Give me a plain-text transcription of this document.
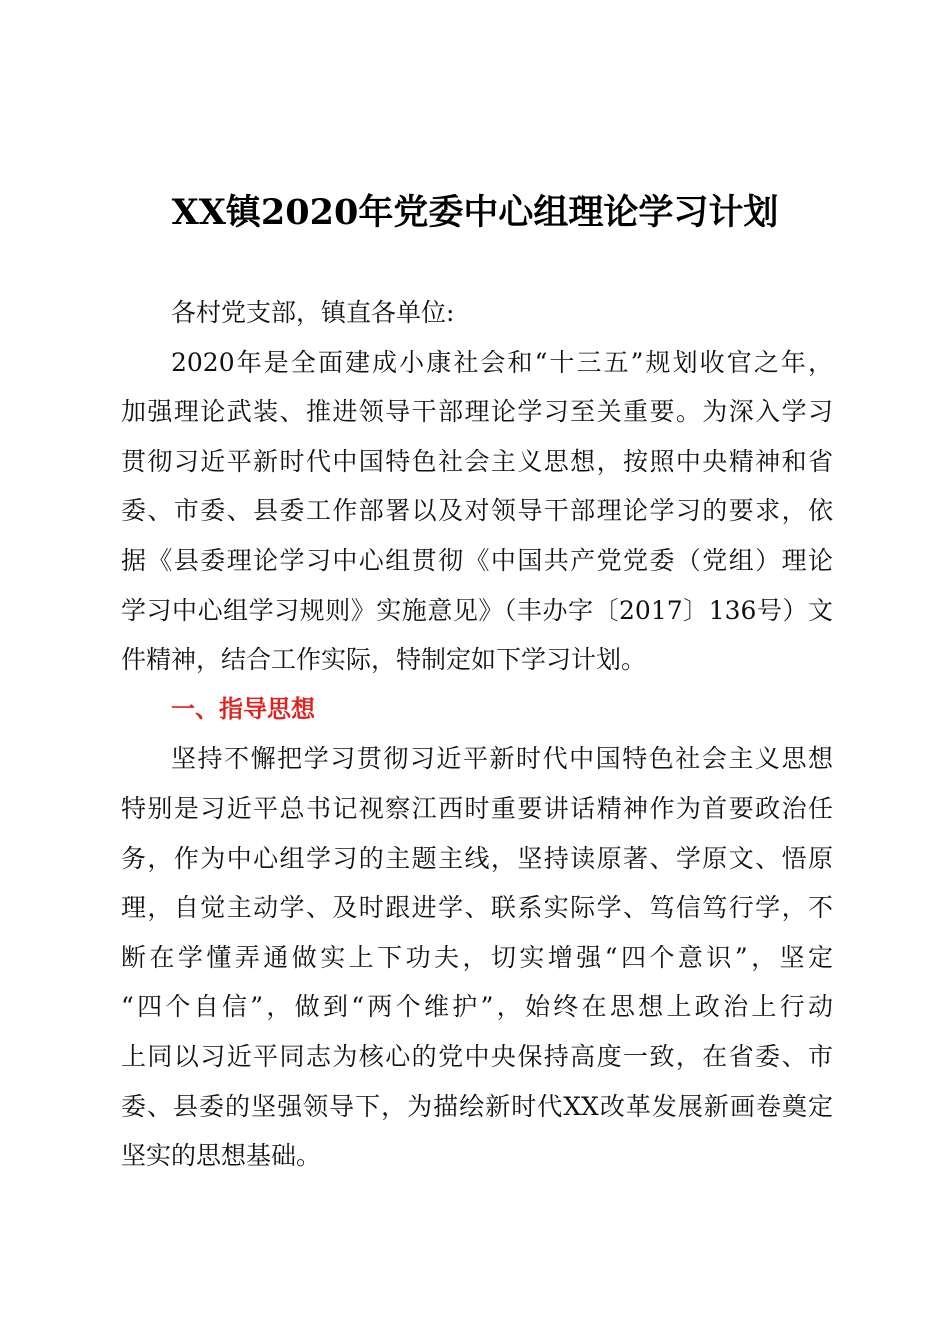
XX镇2020年党委中心组理论学习计划
各村党支部，镇直各单位:
2020年是全面建成小康社会和“十三五”规划收官之年，
加强理论武装、推进领导干部理论学习至关重要。为深入学习
贯彻习近平新时代中国特色社会主义思想，按照中央精神和省
委、市委、县委工作部署以及对领导干部理论学习的要求，依
据《县委理论学习中心组贯彻《中国共产党党委（党组）理论
学习中心组学习规则》实施意见》（丰办字〔2017〕136号）文
件精神，结合工作实际，特制定如下学习计划。
一、指导思想
坚持不懈把学习贯彻习近平新时代中国特色社会主义思想
特别是习近平总书记视察江西时重要讲话精神作为首要政治任
务，作为中心组学习的主题主线，坚持读原著、学原文、悟原
理，自觉主动学、及时跟进学、联系实际学、笃信笃行学，不
断在学懂弄通做实上下功夫，切实增强“四个意识”，坚定
“四个自信”，做到“两个维护”，始终在思想上政治上行动
上同以习近平同志为核心的党中央保持高度一致，在省委、市
委、县委的坚强领导下，为描绘新时代XX改革发展新画卷奠定
坚实的思想基础。
